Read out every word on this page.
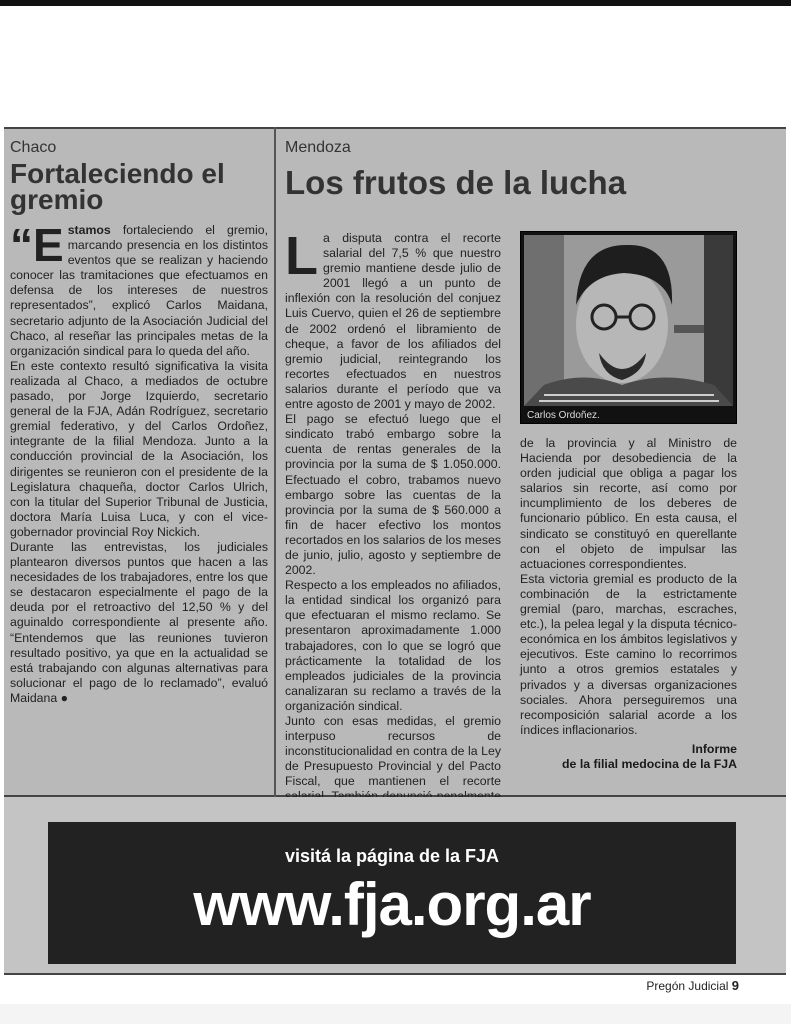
Chaco

Fortaleciendo el gremio

“E stamos fortaleciendo el gremio, marcando presencia en los distintos eventos que se realizan y haciendo conocer las tramitaciones que efectuamos en defensa de los intereses de nuestros representados”, explicó Carlos Maidana, secretario adjunto de la Asociación Judicial del Chaco, al reseñar las principales metas de la organización sindical para lo queda del año.

En este contexto resultó significativa la visita realizada al Chaco, a mediados de octubre pasado, por Jorge Izquierdo, secretario general de la FJA, Adán Rodríguez, secretario gremial federativo, y del Carlos Ordoñez, integrante de la filial Mendoza. Junto a la conducción provincial de la Asociación, los dirigentes se reunieron con el presidente de la Legislatura chaqueña, doctor Carlos Ulrich, con la titular del Superior Tribunal de Justicia, doctora María Luisa Luca, y con el vice-gobernador provincial Roy Nickich.

Durante las entrevistas, los judiciales plantearon diversos puntos que hacen a las necesidades de los trabajadores, entre los que se destacaron especialmente el pago de la deuda por el retroactivo del 12,50 % y del aguinaldo correspondiente al presente año. “Entendemos que las reuniones tuvieron resultado positivo, ya que en la actualidad se está trabajando con algunas alternativas para solucionar el pago de lo reclamado”, evaluó Maidana ●

Mendoza

Los frutos de la lucha

La disputa contra el recorte salarial del 7,5 % que nuestro gremio mantiene desde julio de 2001 llegó a un punto de inflexión con la resolución del conjuez Luis Cuervo, quien el 26 de septiembre de 2002 ordenó el libramiento de cheque, a favor de los afiliados del gremio judicial, reintegrando los recortes efectuados en nuestros salarios durante el período que va entre agosto de 2001 y mayo de 2002.

El pago se efectuó luego que el sindicato trabó embargo sobre la cuenta de rentas generales de la provincia por la suma de $ 1.050.000. Efectuado el cobro, trabamos nuevo embargo sobre las cuentas de la provincia por la suma de $ 560.000 a fin de hacer efectivo los montos recortados en los salarios de los meses de junio, julio, agosto y septiembre de 2002.

Respecto a los empleados no afiliados, la entidad sindical los organizó para que efectuaran el mismo reclamo. Se presentaron aproximadamente 1.000 trabajadores, con lo que se logró que prácticamente la totalidad de los empleados judiciales de la provincia canalizaran su reclamo a través de la organización sindical.

Junto con esas medidas, el gremio interpuso recursos de inconstitucionalidad en contra de la Ley de Presupuesto Provincial y del Pacto Fiscal, que mantienen el recorte

Carlos Ordoñez.

de la provincia y al Ministro de Hacienda por desobediencia de la orden judicial que obliga a pagar los salarios sin recorte, así como por incumplimiento de los deberes de funcionario público. En esta causa, el sindicato se constituyó en querellante con el objeto de impulsar las actuaciones correspondientes.

Esta victoria gremial es producto de la combinación de la estrictamente gremial (paro, marchas, escraches, etc.), la pelea legal y la disputa técnico-económica en los ámbitos legislativos y ejecutivos. Este camino lo recorrimos junto a otros gremios estatales y privados y a diversas organizaciones sociales. Ahora perseguiremos una recomposición salarial acorde a los índices inflacionarios.

Informe
de la filial medocina de la FJA

visitá la página de la FJA
www.fja.org.ar
Pregón Judicial 9
